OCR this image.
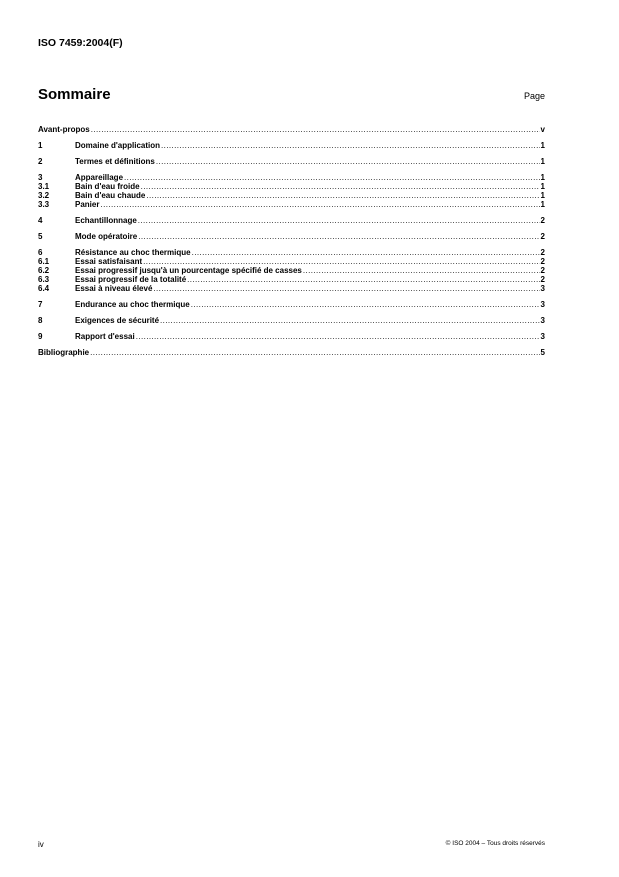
ISO 7459:2004(F)
Sommaire	Page
Avant-propos .....	v
1	Domaine d'application .....	1
2	Termes et définitions .....	1
3	Appareillage .....	1
3.1	Bain d'eau froide .....	1
3.2	Bain d'eau chaude .....	1
3.3	Panier .....	1
4	Echantillonnage .....	2
5	Mode opératoire .....	2
6	Résistance au choc thermique .....	2
6.1	Essai satisfaisant .....	2
6.2	Essai progressif jusqu'à un pourcentage spécifié de casses .....	2
6.3	Essai progressif de la totalité .....	2
6.4	Essai à niveau élevé .....	3
7	Endurance au choc thermique .....	3
8	Exigences de sécurité .....	3
9	Rapport d'essai .....	3
Bibliographie .....	5
iv	© ISO 2004 – Tous droits réservés
